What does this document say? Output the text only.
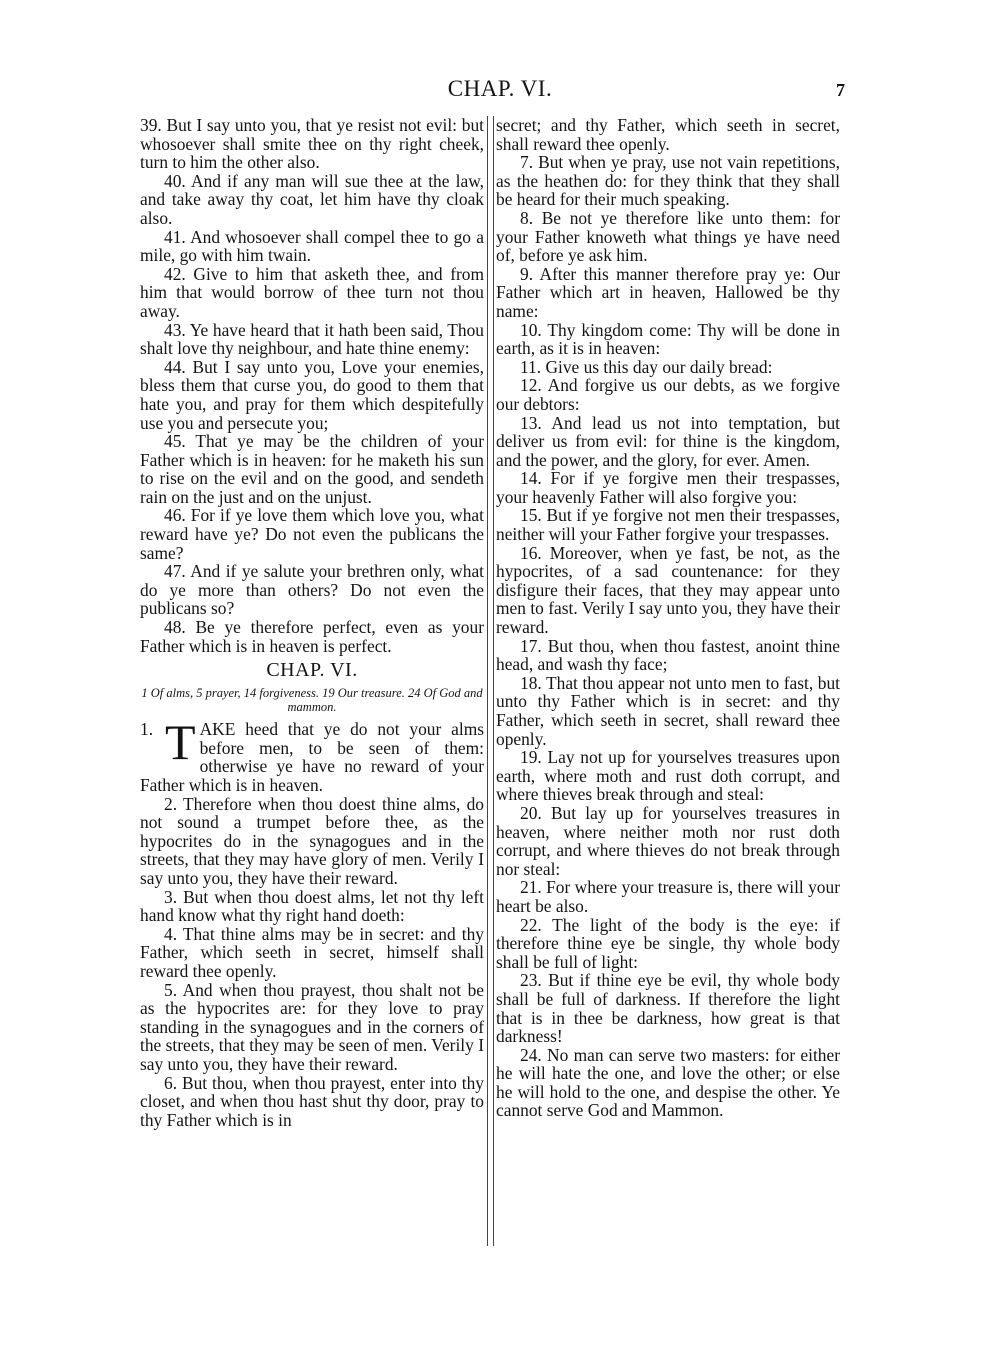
CHAP. VI.	7

39. But I say unto you, that ye resist not evil: but whosoever shall smite thee on thy right cheek, turn to him the other also.

40. And if any man will sue thee at the law, and take away thy coat, let him have thy cloak also.

41. And whosoever shall compel thee to go a mile, go with him twain.

42. Give to him that asketh thee, and from him that would borrow of thee turn not thou away.

43. Ye have heard that it hath been said, Thou shalt love thy neighbour, and hate thine enemy:

44. But I say unto you, Love your enemies, bless them that curse you, do good to them that hate you, and pray for them which despitefully use you and persecute you;

45. That ye may be the children of your Father which is in heaven: for he maketh his sun to rise on the evil and on the good, and sendeth rain on the just and on the unjust.

46. For if ye love them which love you, what reward have ye? Do not even the publicans the same?

47. And if ye salute your brethren only, what do ye more than others? Do not even the publicans so?

48. Be ye therefore perfect, even as your Father which is in heaven is perfect.

CHAP. VI.
1 Of alms, 5 prayer, 14 forgiveness. 19 Our treasure. 24 Of God and mammon.

1. T AKE heed that ye do not your alms before men, to be seen of them: otherwise ye have no reward of your Father which is in heaven.

2. Therefore when thou doest thine alms, do not sound a trumpet before thee, as the hypocrites do in the synagogues and in the streets, that they may have glory of men. Verily I say unto you, they have their reward.

3. But when thou doest alms, let not thy left hand know what thy right hand doeth:

4. That thine alms may be in secret: and thy Father, which seeth in secret, himself shall reward thee openly.

5. And when thou prayest, thou shalt not be as the hypocrites are: for they love to pray standing in the synagogues and in the corners of the streets, that they may be seen of men. Verily I say unto you, they have their reward.

6. But thou, when thou prayest, enter into thy closet, and when thou hast shut thy door, pray to thy Father which is in

secret; and thy Father, which seeth in secret, shall reward thee openly.

7. But when ye pray, use not vain repetitions, as the heathen do: for they think that they shall be heard for their much speaking.

8. Be not ye therefore like unto them: for your Father knoweth what things ye have need of, before ye ask him.

9. After this manner therefore pray ye: Our Father which art in heaven, Hallowed be thy name:

10. Thy kingdom come: Thy will be done in earth, as it is in heaven:

11. Give us this day our daily bread:

12. And forgive us our debts, as we forgive our debtors:

13. And lead us not into temptation, but deliver us from evil: for thine is the kingdom, and the power, and the glory, for ever. Amen.

14. For if ye forgive men their trespasses, your heavenly Father will also forgive you:

15. But if ye forgive not men their trespasses, neither will your Father forgive your trespasses.

16. Moreover, when ye fast, be not, as the hypocrites, of a sad countenance: for they disfigure their faces, that they may appear unto men to fast. Verily I say unto you, they have their reward.

17. But thou, when thou fastest, anoint thine head, and wash thy face;

18. That thou appear not unto men to fast, but unto thy Father which is in secret: and thy Father, which seeth in secret, shall reward thee openly.

19. Lay not up for yourselves treasures upon earth, where moth and rust doth corrupt, and where thieves break through and steal:

20. But lay up for yourselves treasures in heaven, where neither moth nor rust doth corrupt, and where thieves do not break through nor steal:

21. For where your treasure is, there will your heart be also.

22. The light of the body is the eye: if therefore thine eye be single, thy whole body shall be full of light:

23. But if thine eye be evil, thy whole body shall be full of darkness. If therefore the light that is in thee be darkness, how great is that darkness!

24. No man can serve two masters: for either he will hate the one, and love the other; or else he will hold to the one, and despise the other. Ye cannot serve God and Mammon.
